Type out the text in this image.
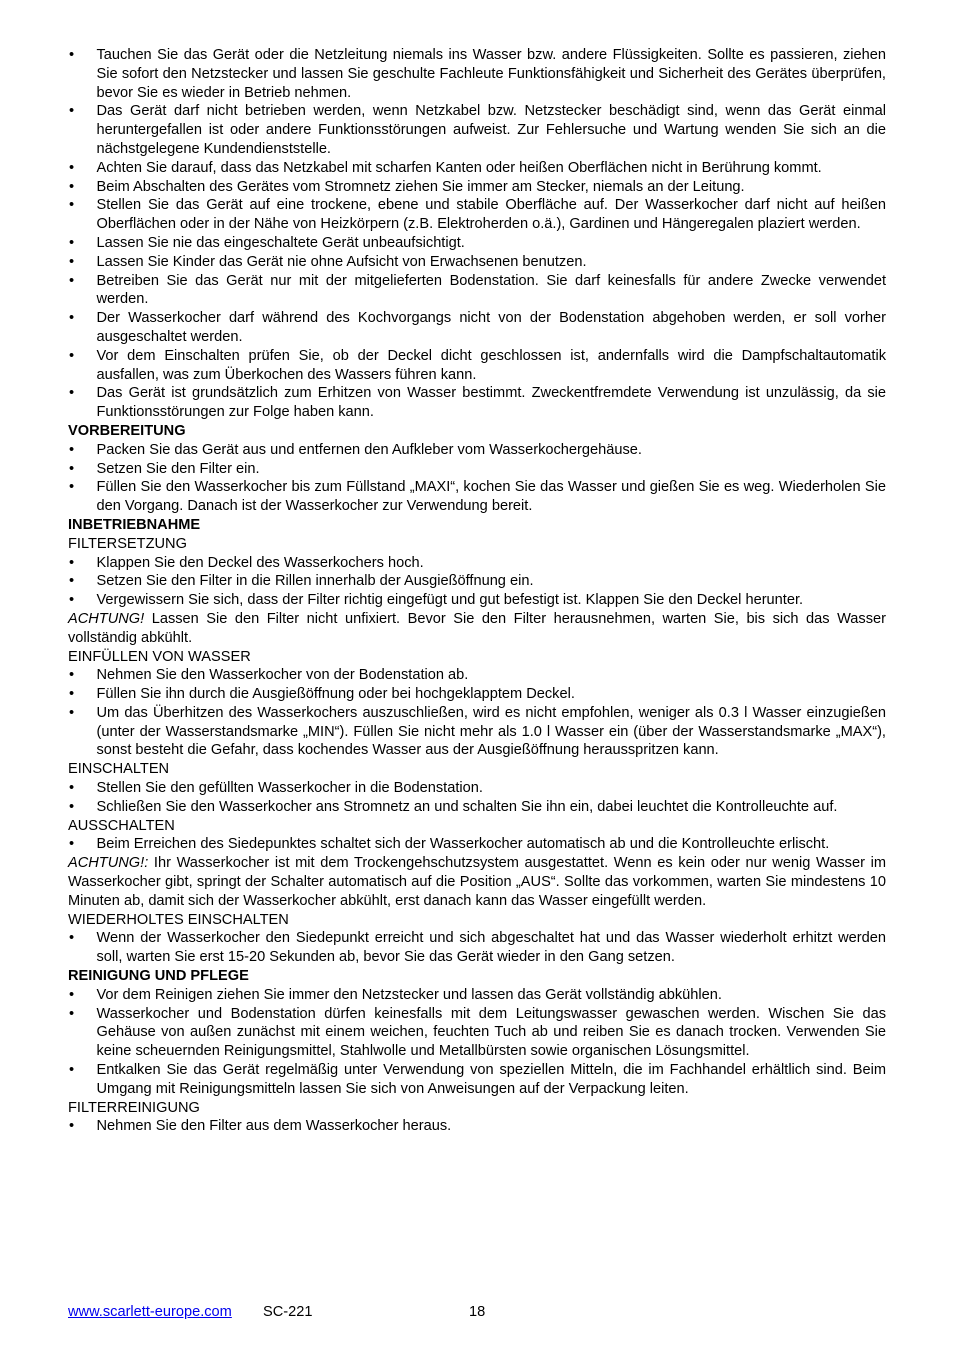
• Tauchen Sie das Gerät oder die Netzleitung niemals ins Wasser bzw. andere Flüssigkeiten. Sollte es passieren, ziehen Sie sofort den Netzstecker und lassen Sie geschulte Fachleute Funktionsfähigkeit und Sicherheit des Gerätes überprüfen, bevor Sie es wieder in Betrieb nehmen.
• Das Gerät darf nicht betrieben werden, wenn Netzkabel bzw. Netzstecker beschädigt sind, wenn das Gerät einmal heruntergefallen ist oder andere Funktionsstörungen aufweist. Zur Fehlersuche und Wartung wenden Sie sich an die nächstgelegene Kundendienststelle.
• Achten Sie darauf, dass das Netzkabel mit scharfen Kanten oder heißen Oberflächen nicht in Berührung kommt.
• Beim Abschalten des Gerätes vom Stromnetz ziehen Sie immer am Stecker, niemals an der Leitung.
• Stellen Sie das Gerät auf eine trockene, ebene und stabile Oberfläche auf. Der Wasserkocher darf nicht auf heißen Oberflächen oder in der Nähe von Heizkörpern (z.B. Elektroherden o.ä.), Gardinen und Hängeregalen plaziert werden.
• Lassen Sie nie das eingeschaltete Gerät unbeaufsichtigt.
• Lassen Sie Kinder das Gerät nie ohne Aufsicht von Erwachsenen benutzen.
• Betreiben Sie das Gerät nur mit der mitgelieferten Bodenstation. Sie darf keinesfalls für andere Zwecke verwendet werden.
• Der Wasserkocher darf während des Kochvorgangs nicht von der Bodenstation abgehoben werden, er soll vorher ausgeschaltet werden.
• Vor dem Einschalten prüfen Sie, ob der Deckel dicht geschlossen ist, andernfalls wird die Dampfschaltautomatik ausfallen, was zum Überkochen des Wassers führen kann.
• Das Gerät ist grundsätzlich zum Erhitzen von Wasser bestimmt. Zweckentfremdete Verwendung ist unzulässig, da sie Funktionsstörungen zur Folge haben kann.
VORBEREITUNG
• Packen Sie das Gerät aus und entfernen den Aufkleber vom Wasserkochergehäuse.
• Setzen Sie den Filter ein.
• Füllen Sie den Wasserkocher bis zum Füllstand „MAXI“, kochen Sie das Wasser und gießen Sie es weg. Wiederholen Sie den Vorgang. Danach ist der Wasserkocher zur Verwendung bereit.
INBETRIEBNAHME
FILTERSETZUNG
• Klappen Sie den Deckel des Wasserkochers hoch.
• Setzen Sie den Filter in die Rillen innerhalb der Ausgießöffnung ein.
• Vergewissern Sie sich, dass der Filter richtig eingefügt und gut befestigt ist. Klappen Sie den Deckel herunter.
ACHTUNG! Lassen Sie den Filter nicht unfixiert. Bevor Sie den Filter herausnehmen, warten Sie, bis sich das Wasser vollständig abkühlt.
EINFÜLLEN VON WASSER
• Nehmen Sie den Wasserkocher von der Bodenstation ab.
• Füllen Sie ihn durch die Ausgießöffnung oder bei hochgeklapptem Deckel.
• Um das Überhitzen des Wasserkochers auszuschließen, wird es nicht empfohlen, weniger als 0.3 l Wasser einzugießen (unter der Wasserstandsmarke „MIN“). Füllen Sie nicht mehr als 1.0 l Wasser ein (über der Wasserstandsmarke „MAX“), sonst besteht die Gefahr, dass kochendes Wasser aus der Ausgießöffnung herausspritzen kann.
EINSCHALTEN
• Stellen Sie den gefüllten Wasserkocher in die Bodenstation.
• Schließen Sie den Wasserkocher ans Stromnetz an und schalten Sie ihn ein, dabei leuchtet die Kontrolleuchte auf.
AUSSCHALTEN
• Beim Erreichen des Siedepunktes schaltet sich der Wasserkocher automatisch ab und die Kontrolleuchte erlischt.
ACHTUNG!: Ihr Wasserkocher ist mit dem Trockengehschutzsystem ausgestattet. Wenn es kein oder nur wenig Wasser im Wasserkocher gibt, springt der Schalter automatisch auf die Position „AUS“. Sollte das vorkommen, warten Sie mindestens 10 Minuten ab, damit sich der Wasserkocher abkühlt, erst danach kann das Wasser eingefüllt werden.
WIEDERHOLTES EINSCHALTEN
• Wenn der Wasserkocher den Siedepunkt erreicht und sich abgeschaltet hat und das Wasser wiederholt erhitzt werden soll, warten Sie erst 15-20 Sekunden ab, bevor Sie das Gerät wieder in den Gang setzen.
REINIGUNG UND PFLEGE
• Vor dem Reinigen ziehen Sie immer den Netzstecker und lassen das Gerät vollständig abkühlen.
• Wasserkocher und Bodenstation dürfen keinesfalls mit dem Leitungswasser gewaschen werden. Wischen Sie das Gehäuse von außen zunächst mit einem weichen, feuchten Tuch ab und reiben Sie es danach trocken. Verwenden Sie keine scheuernden Reinigungsmittel, Stahlwolle und Metallbürsten sowie organischen Lösungsmittel.
• Entkalken Sie das Gerät regelmäßig unter Verwendung von speziellen Mitteln, die im Fachhandel erhältlich sind. Beim Umgang mit Reinigungsmitteln lassen Sie sich von Anweisungen auf der Verpackung leiten.
FILTERREINIGUNG
• Nehmen Sie den Filter aus dem Wasserkocher heraus.
www.scarlett-europe.com SC-221	18
